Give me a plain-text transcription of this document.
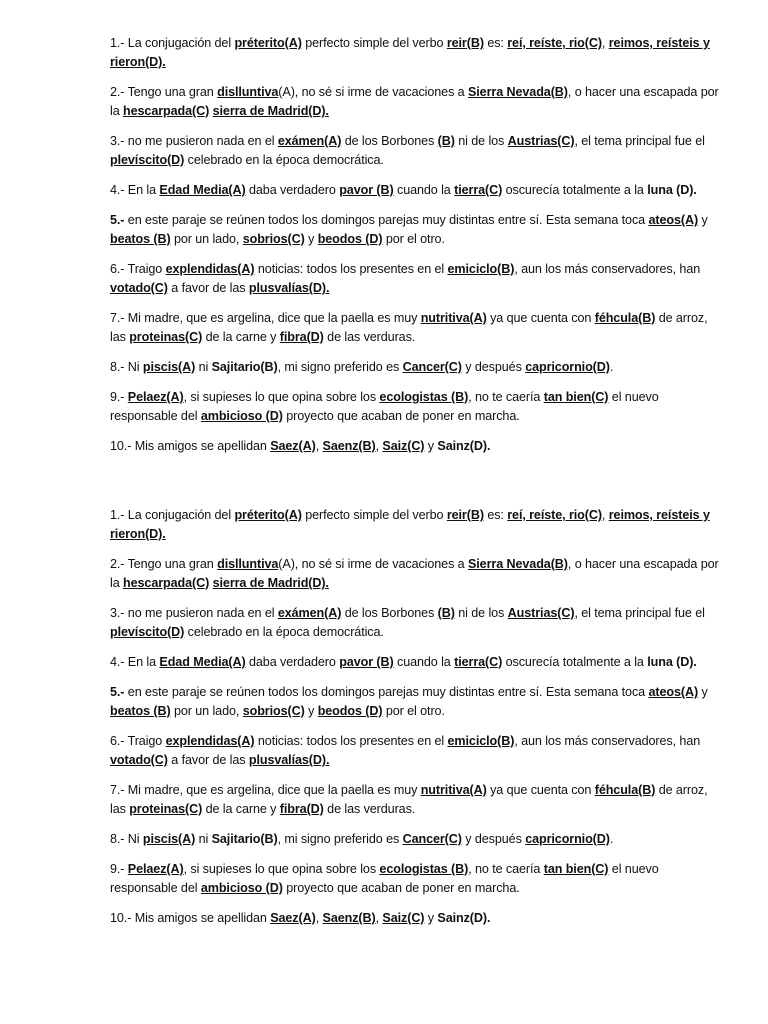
1.- La conjugación del préterito(A) perfecto simple del verbo reir(B) es: reí, reíste, rio(C), reimos, reísteis y rieron(D).

2.- Tengo una gran dislluntiva(A), no sé si irme de vacaciones a Sierra Nevada(B), o hacer una escapada por la hescarpada(C) sierra de Madrid(D).

3.- no me pusieron nada en el exámen(A) de los Borbones (B) ni de los Austrias(C), el tema principal fue el plevíscito(D) celebrado en la época democrática.

4.- En la Edad Media(A) daba verdadero pavor (B) cuando la tierra(C) oscurecía totalmente a la luna (D).

5.- en este paraje se reúnen todos los domingos parejas muy distintas entre sí. Esta semana toca ateos(A) y beatos (B) por un lado, sobrios(C) y beodos (D) por el otro.

6.- Traigo explendidas(A) noticias: todos los presentes en el emiciclo(B), aun los más conservadores, han votado(C) a favor de las plusvalías(D).

7.- Mi madre, que es argelina, dice que la paella es muy nutritiva(A) ya que cuenta con féhcula(B) de arroz, las proteinas(C) de la carne y fibra(D) de las verduras.

8.- Ni piscis(A) ni Sajitario(B), mi signo preferido es Cancer(C) y después capricornio(D).

9.- Pelaez(A), si supieses lo que opina sobre los ecologistas (B), no te caería tan bien(C) el nuevo responsable del ambicioso (D) proyecto que acaban de poner en marcha.

10.- Mis amigos se apellidan Saez(A), Saenz(B), Saiz(C) y Sainz(D).

1.- La conjugación del préterito(A) perfecto simple del verbo reir(B) es: reí, reíste, rio(C), reimos, reísteis y rieron(D).

2.- Tengo una gran dislluntiva(A), no sé si irme de vacaciones a Sierra Nevada(B), o hacer una escapada por la hescarpada(C) sierra de Madrid(D).

3.- no me pusieron nada en el exámen(A) de los Borbones (B) ni de los Austrias(C), el tema principal fue el plevíscito(D) celebrado en la época democrática.

4.- En la Edad Media(A) daba verdadero pavor (B) cuando la tierra(C) oscurecía totalmente a la luna (D).

5.- en este paraje se reúnen todos los domingos parejas muy distintas entre sí. Esta semana toca ateos(A) y beatos (B) por un lado, sobrios(C) y beodos (D) por el otro.

6.- Traigo explendidas(A) noticias: todos los presentes en el emiciclo(B), aun los más conservadores, han votado(C) a favor de las plusvalías(D).

7.- Mi madre, que es argelina, dice que la paella es muy nutritiva(A) ya que cuenta con féhcula(B) de arroz, las proteinas(C) de la carne y fibra(D) de las verduras.

8.- Ni piscis(A) ni Sajitario(B), mi signo preferido es Cancer(C) y después capricornio(D).

9.- Pelaez(A), si supieses lo que opina sobre los ecologistas (B), no te caería tan bien(C) el nuevo responsable del ambicioso (D) proyecto que acaban de poner en marcha.

10.- Mis amigos se apellidan Saez(A), Saenz(B), Saiz(C) y Sainz(D).
